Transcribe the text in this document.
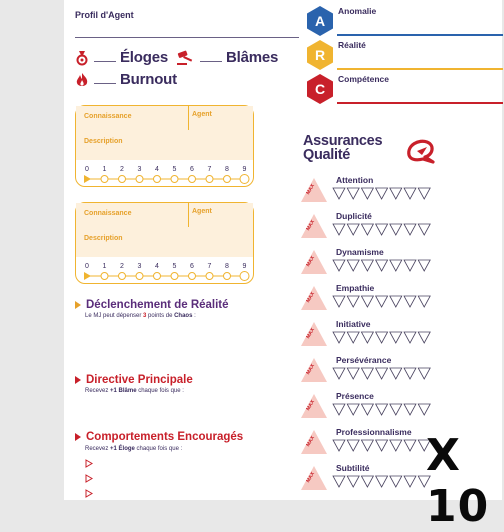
Profil d'Agent
Éloges	Blâmes
Burnout
Connaissance	Agent
Description
0 1 2 3 4 5 6 7 8 9
Connaissance	Agent
Description
0 1 2 3 4 5 6 7 8 9
Déclenchement de Réalité
Le MJ peut dépenser 3 points de Chaos :
Directive Principale
Recevez +1 Blâme chaque fois que :
Comportements Encouragés
Recevez +1 Éloge chaque fois que :
A
Anomalie
R
Réalité
C
Compétence
Assurances
Qualité
MAX
Attention
MAX
Duplicité
MAX
Dynamisme
MAX
Empathie
MAX
Initiative
MAX
Persévérance
MAX
Présence
MAX
Professionnalisme
MAX
Subtilité X 10
